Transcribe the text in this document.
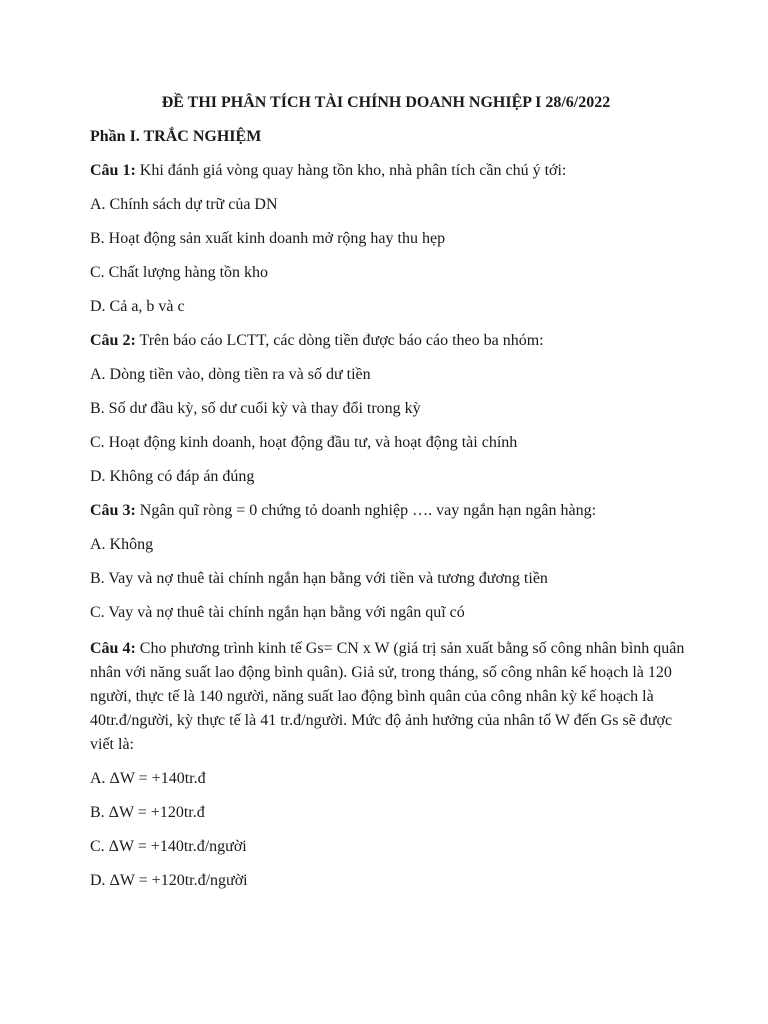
ĐỀ THI PHÂN TÍCH TÀI CHÍNH DOANH NGHIỆP I 28/6/2022
Phần I. TRẮC NGHIỆM
Câu 1: Khi đánh giá vòng quay hàng tồn kho, nhà phân tích cần chú ý tới:
A. Chính sách dự trữ của DN
B. Hoạt động sản xuất kinh doanh mở rộng hay thu hẹp
C. Chất lượng hàng tồn kho
D. Cả a, b và c
Câu 2: Trên báo cáo LCTT, các dòng tiền được báo cáo theo ba nhóm:
A. Dòng tiền vào, dòng tiền ra và số dư tiền
B. Số dư đầu kỳ, số dư cuối kỳ và thay đổi trong kỳ
C. Hoạt động kinh doanh, hoạt động đầu tư, và hoạt động tài chính
D. Không có đáp án đúng
Câu 3: Ngân quĩ ròng = 0 chứng tỏ doanh nghiệp …. vay ngắn hạn ngân hàng:
A. Không
B. Vay và nợ thuê tài chính ngắn hạn bằng với tiền và tương đương tiền
C. Vay và nợ thuê tài chính ngắn hạn bằng với ngân quĩ có
Câu 4: Cho phương trình kinh tế Gs= CN x W (giá trị sản xuất bằng số công nhân bình quân nhân với năng suất lao động bình quân). Giả sử, trong tháng, số công nhân kế hoạch là 120 người, thực tế là 140 người, năng suất lao động bình quân của công nhân kỳ kế hoạch là 40tr.đ/người, kỳ thực tế là 41 tr.đ/người. Mức độ ảnh hưởng của nhân tố W đến Gs sẽ được viết là:
A. ΔW = +140tr.đ
B. ΔW = +120tr.đ
C. ΔW = +140tr.đ/người
D. ΔW = +120tr.đ/người
